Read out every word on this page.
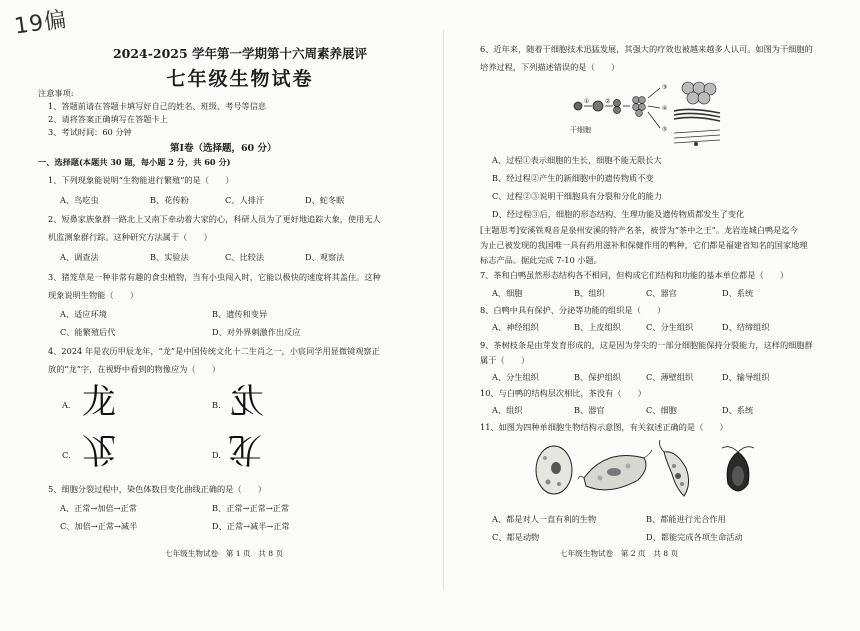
19偏
2024-2025 学年第一学期第十六周素养展评
七年级生物试卷
注意事项:
1、答题前请在答题卡填写好自己的姓名、班级、考号等信息
2、请将答案正确填写在答题卡上
3、考试时间：60 分钟
第Ⅰ卷（选择题，60 分）
一、选择题(本题共 30 题，每小题 2 分，共 60 分)
1、下列现象能说明“生物能进行繁殖”的是（　　）
A、鸟吃虫	B、花传粉	C、人排汗	D、蛇冬眠
2、短鼻家族象群一路北上又南下牵动着大家的心，科研人员为了更好地追踪大象，使用无人
机监测象群行踪。这种研究方法属于（　　）
A、调查法	B、实验法	C、比较法	D、观察法
3、猪笼草是一种非常有趣的食虫植物，当有小虫闯入时，它能以极快的速度将其盖住。这种
现象说明生物能（　　）
A、适应环境	B、遗传和变异
C、能繁殖后代	D、对外界刺激作出反应
4、2024 年是农历甲辰龙年，“龙”是中国传统文化十二生肖之一，小宸同学用显微镜观察正
放的“龙”字，在视野中看到的物像应为（　　）
A. 龙	B. 龙
C. 龙	D. 龙
5、细胞分裂过程中，染色体数目变化曲线正确的是（　　）
A、正常→加倍→正常	B、正常→正常→正常
C、加倍→正常→减半	D、正常→减半→正常
七年级生物试卷　第 1 页　共 8 页
6、近年来，随着干细胞技术迅猛发展，其强大的疗效也被越来越多人认可。如图为干细胞的
培养过程，下列描述错误的是（　　）
干细胞
①	②
③
④
⑤
A、过程①表示细胞的生长，细胞不能无限长大
B、经过程②产生的新细胞中的遗传物质不变
C、过程②③说明干细胞具有分裂和分化的能力
D、经过程③后，细胞的形态结构、生理功能及遗传物质都发生了变化
[主题思考]安溪铁观音是泉州安溪的特产名茶，被誉为“茶中之王”。龙岩连城白鸭是迄今
为止已被发现的我国唯一具有药用滋补和保健作用的鸭种，它们都是福建省知名的国家地理
标志产品。据此完成 7-10 小题。
7、茶和白鸭虽然形态结构各不相同，但构成它们结构和功能的基本单位都是（　　）
A、细胞	B、组织	C、器官	D、系统
8、白鸭中具有保护、分泌等功能的组织是（　　）
A、神经组织	B、上皮组织	C、分生组织	D、结缔组织
9、茶树枝条是由芽发育形成的，这是因为芽尖的一部分细胞能保持分裂能力，这样的细胞群
属于（　　）
A、分生组织	B、保护组织	C、薄壁组织	D、输导组织
10、与白鸭的结构层次相比，茶没有（　　）
A、组织	B、器官	C、细胞	D、系统
11、如图为四种单细胞生物结构示意图，有关叙述正确的是（　　）
A、都是对人一直有利的生物	B、都能进行光合作用
C、都是动物	D、都能完成各项生命活动
七年级生物试卷　第 2 页　共 8 页
